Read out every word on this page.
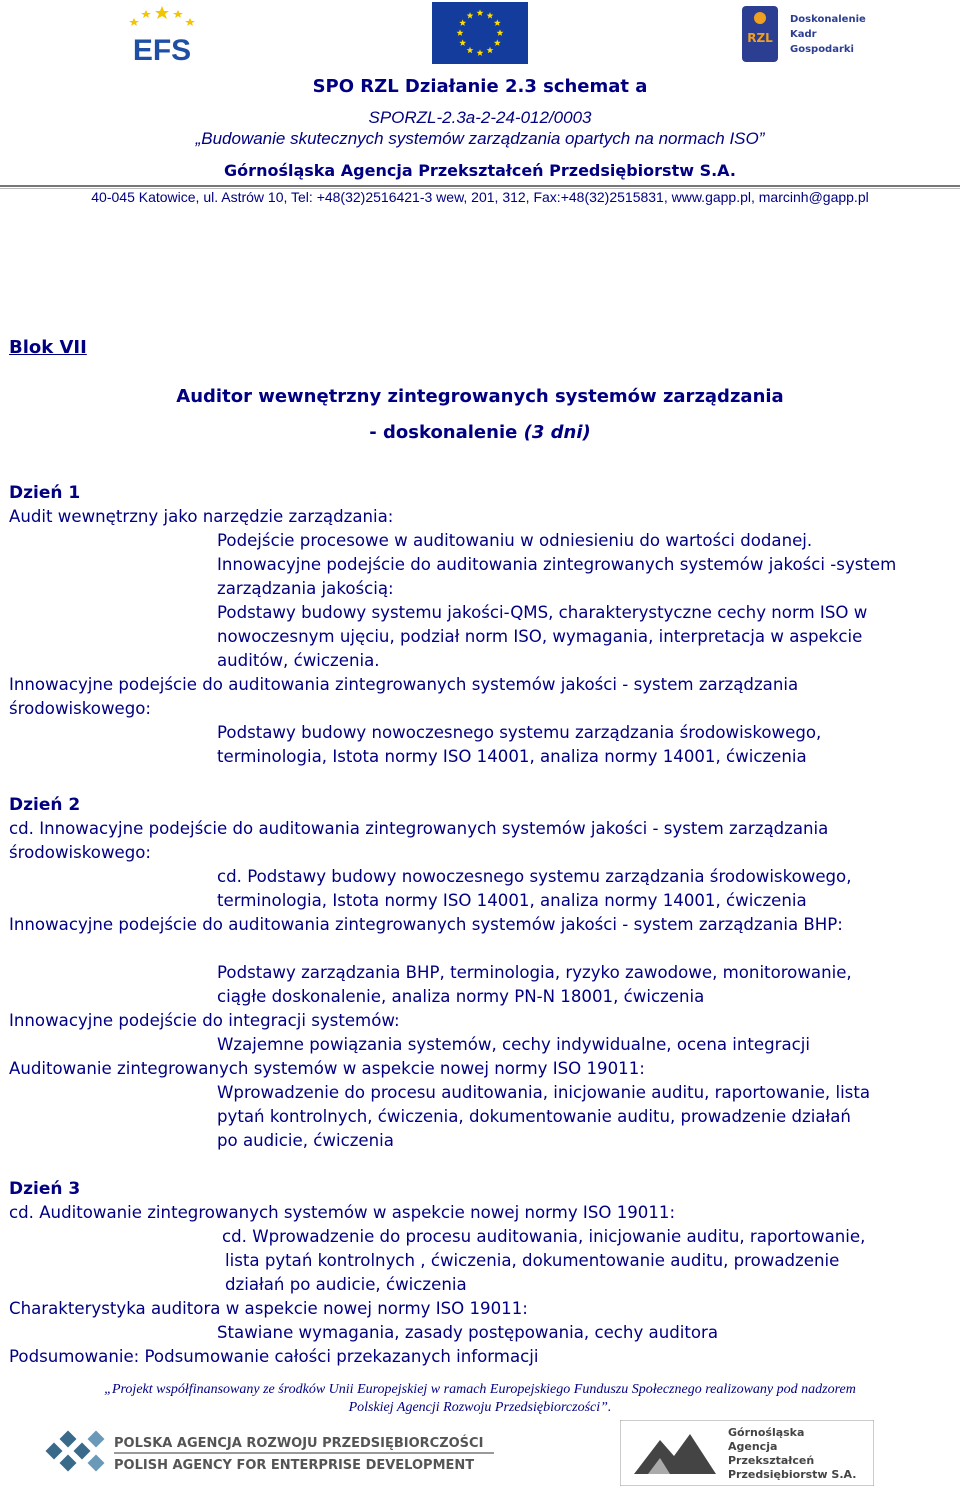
EFS	RZL
Doskonalenie
Kadr
Gospodarki
SPO RZL Działanie 2.3 schemat a
SPORZL-2.3a-2-24-012/0003
„Budowanie skutecznych systemów zarządzania opartych na normach ISO”
Górnośląska Agencja Przekształceń Przedsiębiorstw S.A.
40-045 Katowice, ul. Astrów 10, Tel: +48(32)2516421-3 wew, 201, 312, Fax:+48(32)2515831, www.gapp.pl, marcinh@gapp.pl
Blok VII
Auditor wewnętrzny zintegrowanych systemów zarządzania
- doskonalenie (3 dni)
Dzień 1
Audit wewnętrzny jako narzędzie zarządzania:
Podejście procesowe w auditowaniu w odniesieniu do wartości dodanej.
Innowacyjne podejście do auditowania zintegrowanych systemów jakości -system
zarządzania jakością:
Podstawy budowy systemu jakości-QMS, charakterystyczne cechy norm ISO w
nowoczesnym ujęciu, podział norm ISO, wymagania, interpretacja w aspekcie
auditów, ćwiczenia.
Innowacyjne podejście do auditowania zintegrowanych systemów jakości - system zarządzania
środowiskowego:
Podstawy budowy nowoczesnego systemu zarządzania środowiskowego,
terminologia, Istota normy ISO 14001, analiza normy 14001, ćwiczenia
Dzień 2
cd. Innowacyjne podejście do auditowania zintegrowanych systemów jakości - system zarządzania
środowiskowego:
cd. Podstawy budowy nowoczesnego systemu zarządzania środowiskowego,
terminologia, Istota normy ISO 14001, analiza normy 14001, ćwiczenia
Innowacyjne podejście do auditowania zintegrowanych systemów jakości - system zarządzania BHP:
Podstawy zarządzania BHP, terminologia, ryzyko zawodowe, monitorowanie,
ciągłe doskonalenie, analiza normy PN-N 18001, ćwiczenia
Innowacyjne podejście do integracji systemów:
Wzajemne powiązania systemów, cechy indywidualne, ocena integracji
Auditowanie zintegrowanych systemów w aspekcie nowej normy ISO 19011:
Wprowadzenie do procesu auditowania, inicjowanie auditu, raportowanie, lista
pytań kontrolnych, ćwiczenia, dokumentowanie auditu, prowadzenie działań
po audicie, ćwiczenia
Dzień 3
cd. Auditowanie zintegrowanych systemów w aspekcie nowej normy ISO 19011:
cd. Wprowadzenie do procesu auditowania, inicjowanie auditu, raportowanie,
lista pytań kontrolnych , ćwiczenia, dokumentowanie auditu, prowadzenie
działań po audicie, ćwiczenia
Charakterystyka auditora w aspekcie nowej normy ISO 19011:
Stawiane wymagania, zasady postępowania, cechy auditora
Podsumowanie: Podsumowanie całości przekazanych informacji
„Projekt współfinansowany ze środków Unii Europejskiej w ramach Europejskiego Funduszu Społecznego realizowany pod nadzorem
Polskiej Agencji Rozwoju Przedsiębiorczości”.
POLSKA AGENCJA ROZWOJU PRZEDSIĘBIORCZOŚCI
POLISH AGENCY FOR ENTERPRISE DEVELOPMENT
Górnośląska
Agencja
Przekształceń
Przedsiębiorstw S.A.
